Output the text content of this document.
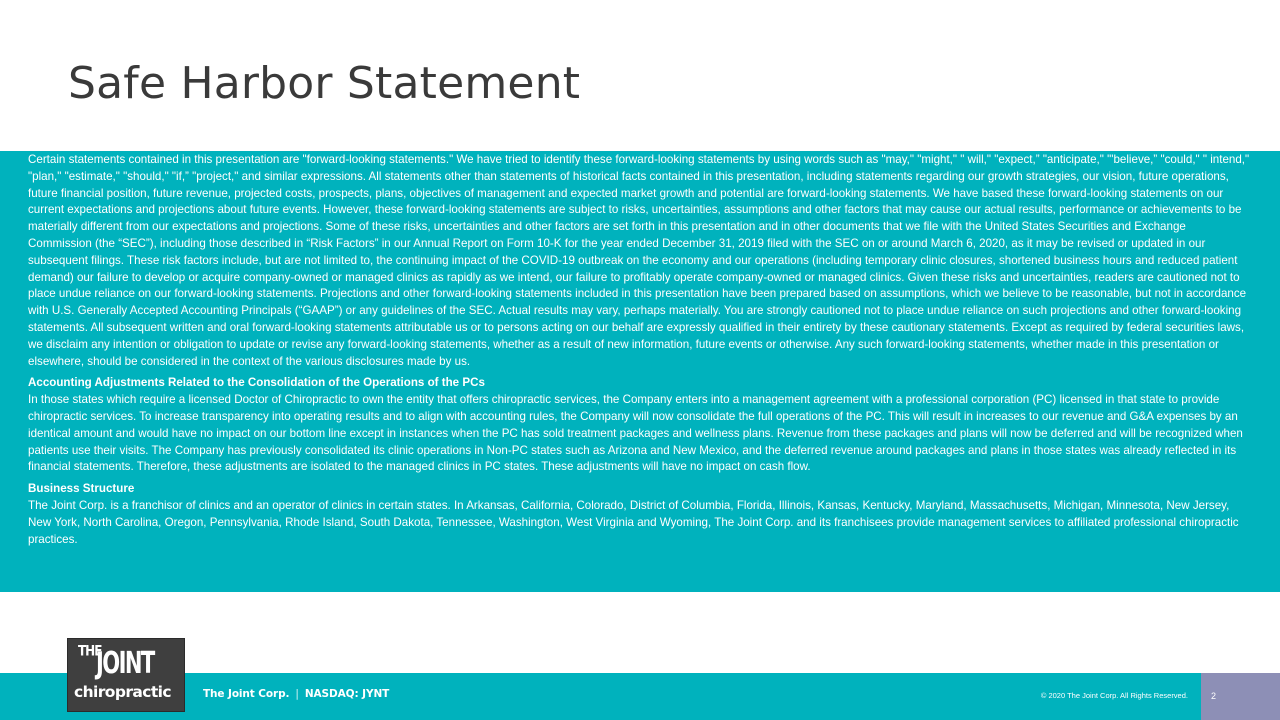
Safe Harbor Statement

Certain statements contained in this presentation are "forward-looking statements." We have tried to identify these forward-looking statements by using words such as "may," "might," " will," "expect,” "anticipate," "'believe,” "could," " intend," "plan," "estimate," "should," "if,” "project," and similar expressions. All statements other than statements of historical facts contained in this presentation, including statements regarding our growth strategies, our vision, future operations, future financial position, future revenue, projected costs, prospects, plans, objectives of management and expected market growth and potential are forward-looking statements. We have based these forward-looking statements on our current expectations and projections about future events. However, these forward-looking statements are subject to risks, uncertainties, assumptions and other factors that may cause our actual results, performance or achievements to be materially different from our expectations and projections. Some of these risks, uncertainties and other factors are set forth in this presentation and in other documents that we file with the United States Securities and Exchange Commission (the “SEC”), including those described in “Risk Factors” in our Annual Report on Form 10-K for the year ended December 31, 2019 filed with the SEC on or around March 6, 2020, as it may be revised or updated in our subsequent filings. These risk factors include, but are not limited to, the continuing impact of the COVID-19 outbreak on the economy and our operations (including temporary clinic closures, shortened business hours and reduced patient demand) our failure to develop or acquire company-owned or managed clinics as rapidly as we intend, our failure to profitably operate company-owned or managed clinics. Given these risks and uncertainties, readers are cautioned not to place undue reliance on our forward-looking statements. Projections and other forward-looking statements included in this presentation have been prepared based on assumptions, which we believe to be reasonable, but not in accordance with U.S. Generally Accepted Accounting Principals (“GAAP”) or any guidelines of the SEC. Actual results may vary, perhaps materially. You are strongly cautioned not to place undue reliance on such projections and other forward-looking statements. All subsequent written and oral forward-looking statements attributable us or to persons acting on our behalf are expressly qualified in their entirety by these cautionary statements. Except as required by federal securities laws, we disclaim any intention or obligation to update or revise any forward-looking statements, whether as a result of new information, future events or otherwise. Any such forward-looking statements, whether made in this presentation or elsewhere, should be considered in the context of the various disclosures made by us.

Accounting Adjustments Related to the Consolidation of the Operations of the PCs

In those states which require a licensed Doctor of Chiropractic to own the entity that offers chiropractic services, the Company enters into a management agreement with a professional corporation (PC) licensed in that state to provide chiropractic services. To increase transparency into operating results and to align with accounting rules, the Company will now consolidate the full operations of the PC. This will result in increases to our revenue and G&A expenses by an identical amount and would have no impact on our bottom line except in instances when the PC has sold treatment packages and wellness plans. Revenue from these packages and plans will now be deferred and will be recognized when patients use their visits. The Company has previously consolidated its clinic operations in Non-PC states such as Arizona and New Mexico, and the deferred revenue around packages and plans in those states was already reflected in its financial statements. Therefore, these adjustments are isolated to the managed clinics in PC states. These adjustments will have no impact on cash flow.

Business Structure

The Joint Corp. is a franchisor of clinics and an operator of clinics in certain states. In Arkansas, California, Colorado, District of Columbia, Florida, Illinois, Kansas, Kentucky, Maryland, Massachusetts, Michigan, Minnesota, New Jersey, New York, North Carolina, Oregon, Pennsylvania, Rhode Island, South Dakota, Tennessee, Washington, West Virginia and Wyoming, The Joint Corp. and its franchisees provide management services to affiliated professional chiropractic practices.

THE
JOINT
chiropractic	The Joint Corp. | NASDAQ: JYNT	© 2020 The Joint Corp. All Rights Reserved.	2
